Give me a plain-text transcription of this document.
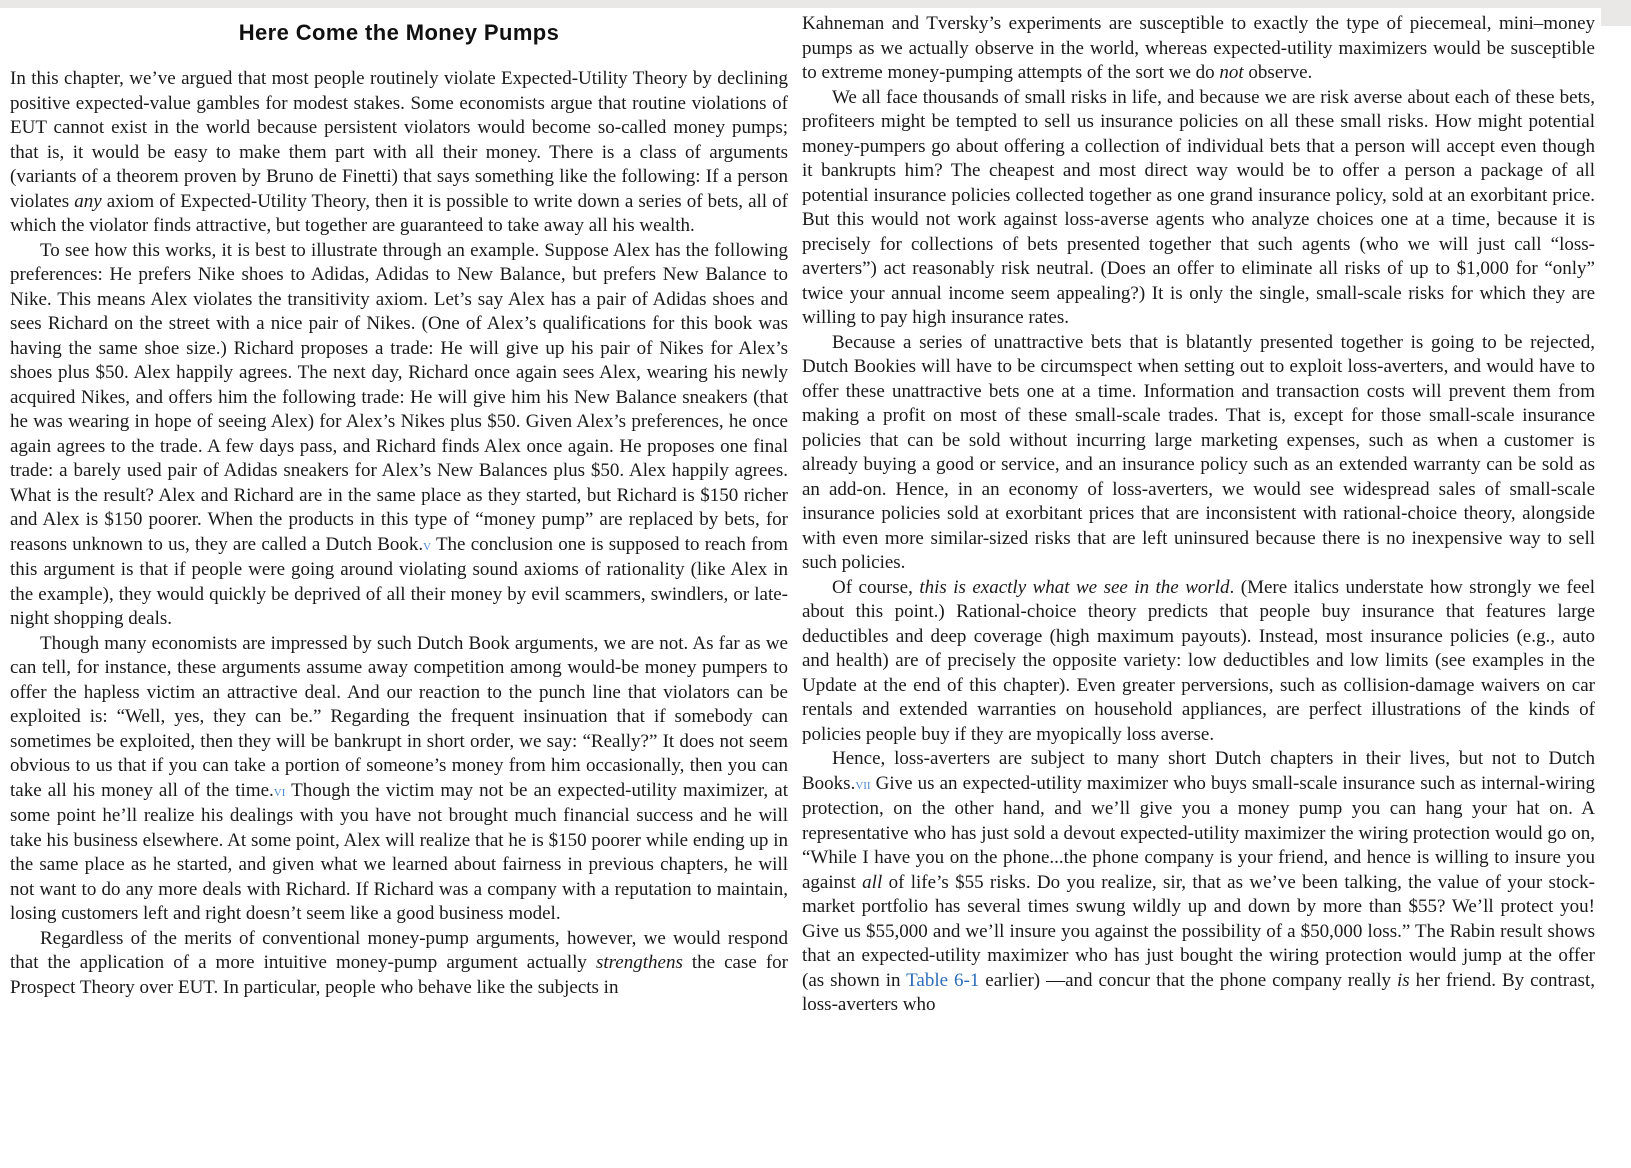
Here Come the Money Pumps

In this chapter, we’ve argued that most people routinely violate Expected-Utility Theory by declining positive expected-value gambles for modest stakes. Some economists argue that routine violations of EUT cannot exist in the world because persistent violators would become so-called money pumps; that is, it would be easy to make them part with all their money. There is a class of arguments (variants of a theorem proven by Bruno de Finetti) that says something like the following: If a person violates any axiom of Expected-Utility Theory, then it is possible to write down a series of bets, all of which the violator finds attractive, but together are guaranteed to take away all his wealth.

To see how this works, it is best to illustrate through an example. Suppose Alex has the following preferences: He prefers Nike shoes to Adidas, Adidas to New Balance, but prefers New Balance to Nike. This means Alex violates the transitivity axiom. Let’s say Alex has a pair of Adidas shoes and sees Richard on the street with a nice pair of Nikes. (One of Alex’s qualifications for this book was having the same shoe size.) Richard proposes a trade: He will give up his pair of Nikes for Alex’s shoes plus $50. Alex happily agrees. The next day, Richard once again sees Alex, wearing his newly acquired Nikes, and offers him the following trade: He will give him his New Balance sneakers (that he was wearing in hope of seeing Alex) for Alex’s Nikes plus $50. Given Alex’s preferences, he once again agrees to the trade. A few days pass, and Richard finds Alex once again. He proposes one final trade: a barely used pair of Adidas sneakers for Alex’s New Balances plus $50. Alex happily agrees. What is the result? Alex and Richard are in the same place as they started, but Richard is $150 richer and Alex is $150 poorer. When the products in this type of “money pump” are replaced by bets, for reasons unknown to us, they are called a Dutch Book.v The conclusion one is supposed to reach from this argument is that if people were going around violating sound axioms of rationality (like Alex in the example), they would quickly be deprived of all their money by evil scammers, swindlers, or late-night shopping deals.

Though many economists are impressed by such Dutch Book arguments, we are not. As far as we can tell, for instance, these arguments assume away competition among would-be money pumpers to offer the hapless victim an attractive deal. And our reaction to the punch line that violators can be exploited is: “Well, yes, they can be.” Regarding the frequent insinuation that if somebody can sometimes be exploited, then they will be bankrupt in short order, we say: “Really?” It does not seem obvious to us that if you can take a portion of someone’s money from him occasionally, then you can take all his money all of the time.vi Though the victim may not be an expected-utility maximizer, at some point he’ll realize his dealings with you have not brought much financial success and he will take his business elsewhere. At some point, Alex will realize that he is $150 poorer while ending up in the same place as he started, and given what we learned about fairness in previous chapters, he will not want to do any more deals with Richard. If Richard was a company with a reputation to maintain, losing customers left and right doesn’t seem like a good business model.

Regardless of the merits of conventional money-pump arguments, however, we would respond that the application of a more intuitive money-pump argument actually strengthens the case for Prospect Theory over EUT. In particular, people who behave like the subjects in

Kahneman and Tversky’s experiments are susceptible to exactly the type of piecemeal, mini–money pumps as we actually observe in the world, whereas expected-utility maximizers would be susceptible to extreme money-pumping attempts of the sort we do not observe.

We all face thousands of small risks in life, and because we are risk averse about each of these bets, profiteers might be tempted to sell us insurance policies on all these small risks. How might potential money-pumpers go about offering a collection of individual bets that a person will accept even though it bankrupts him? The cheapest and most direct way would be to offer a person a package of all potential insurance policies collected together as one grand insurance policy, sold at an exorbitant price. But this would not work against loss-averse agents who analyze choices one at a time, because it is precisely for collections of bets presented together that such agents (who we will just call “loss-averters”) act reasonably risk neutral. (Does an offer to eliminate all risks of up to $1,000 for “only” twice your annual income seem appealing?) It is only the single, small-scale risks for which they are willing to pay high insurance rates.

Because a series of unattractive bets that is blatantly presented together is going to be rejected, Dutch Bookies will have to be circumspect when setting out to exploit loss-averters, and would have to offer these unattractive bets one at a time. Information and transaction costs will prevent them from making a profit on most of these small-scale trades. That is, except for those small-scale insurance policies that can be sold without incurring large marketing expenses, such as when a customer is already buying a good or service, and an insurance policy such as an extended warranty can be sold as an add-on. Hence, in an economy of loss-averters, we would see widespread sales of small-scale insurance policies sold at exorbitant prices that are inconsistent with rational-choice theory, alongside with even more similar-sized risks that are left uninsured because there is no inexpensive way to sell such policies.

Of course, this is exactly what we see in the world. (Mere italics understate how strongly we feel about this point.) Rational-choice theory predicts that people buy insurance that features large deductibles and deep coverage (high maximum payouts). Instead, most insurance policies (e.g., auto and health) are of precisely the opposite variety: low deductibles and low limits (see examples in the Update at the end of this chapter). Even greater perversions, such as collision-damage waivers on car rentals and extended warranties on household appliances, are perfect illustrations of the kinds of policies people buy if they are myopically loss averse.

Hence, loss-averters are subject to many short Dutch chapters in their lives, but not to Dutch Books.vii Give us an expected-utility maximizer who buys small-scale insurance such as internal-wiring protection, on the other hand, and we’ll give you a money pump you can hang your hat on. A representative who has just sold a devout expected-utility maximizer the wiring protection would go on, “While I have you on the phone...the phone company is your friend, and hence is willing to insure you against all of life’s $55 risks. Do you realize, sir, that as we’ve been talking, the value of your stock-market portfolio has several times swung wildly up and down by more than $55? We’ll protect you! Give us $55,000 and we’ll insure you against the possibility of a $50,000 loss.” The Rabin result shows that an expected-utility maximizer who has just bought the wiring protection would jump at the offer (as shown in Table 6-1 earlier) —and concur that the phone company really is her friend. By contrast, loss-averters who
